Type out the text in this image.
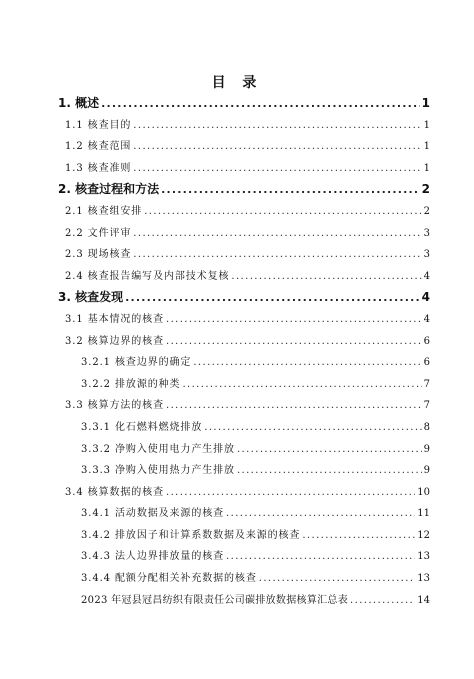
目 录
1. 概述 .....	1
1.1 核查目的 .....	1
1.2 核查范围 .....	1
1.3 核查准则 .....	1
2. 核查过程和方法 .....	2
2.1 核查组安排 .....	2
2.2 文件评审 .....	3
2.3 现场核查 .....	3
2.4 核查报告编写及内部技术复核 .....	4
3. 核查发现 .....	4
3.1 基本情况的核查 .....	4
3.2 核算边界的核查 .....	6
3.2.1 核查边界的确定 .....	6
3.2.2 排放源的种类 .....	7
3.3 核算方法的核查 .....	7
3.3.1 化石燃料燃烧排放 .....	8
3.3.2 净购入使用电力产生排放 .....	9
3.3.3 净购入使用热力产生排放 .....	9
3.4 核算数据的核查 .....	10
3.4.1 活动数据及来源的核查 .....	11
3.4.2 排放因子和计算系数数据及来源的核查 .....	12
3.4.3 法人边界排放量的核查 .....	13
3.4.4 配额分配相关补充数据的核查 .....	13
2023 年冠县冠昌纺织有限责任公司碳排放数据核算汇总表 .....	14
